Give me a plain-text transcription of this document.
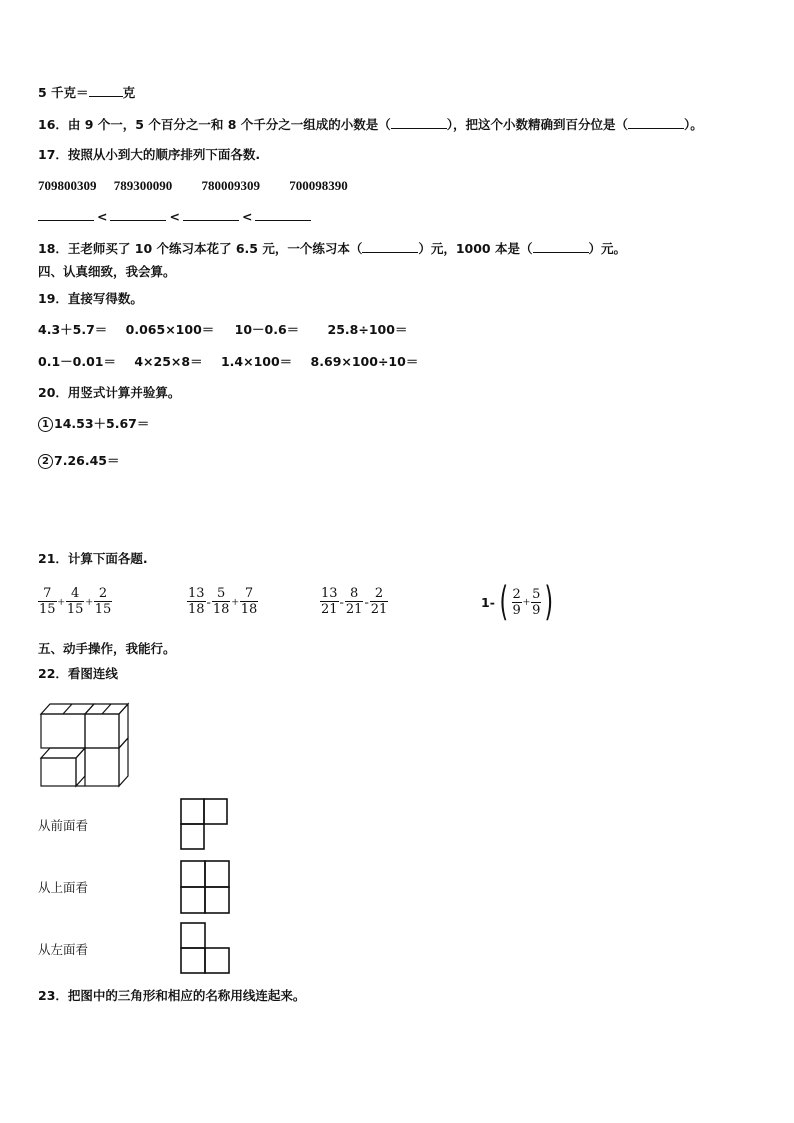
5 千克＝	克
16．由 9 个一，5 个百分之一和 8 个千分之一组成的小数是（	），把这个小数精确到百分位是（	）。
17．按照从小到大的顺序排列下面各数.
709800309 789300090 780009309 700098390
<	<	<
18．王老师买了 10 个练习本花了 6.5 元，一个练习本（	）元，1000 本是（	）元。
四、认真细致，我会算。
19．直接写得数。
4.3＋5.7＝ 0.065×100＝ 10－0.6＝ 25.8÷100＝
0.1－0.01＝ 4×25×8＝ 1.4×100＝ 8.69×100÷10＝
20．用竖式计算并验算。
1 14.53＋5.67＝
2 7.26.45＝
21．计算下面各题.
$\frac{7}{15} + \frac{4}{15} + \frac{2}{15}$	$\frac{13}{18} - \frac{5}{18} + \frac{7}{18}$	$\frac{13}{21} - \frac{8}{21} - \frac{2}{21}$	1- ( $\frac{2}{9} + \frac{5}{9}$ )
五、动手操作，我能行。
22．看图连线
从前面看
从上面看
从左面看
23．把图中的三角形和相应的名称用线连起来。
